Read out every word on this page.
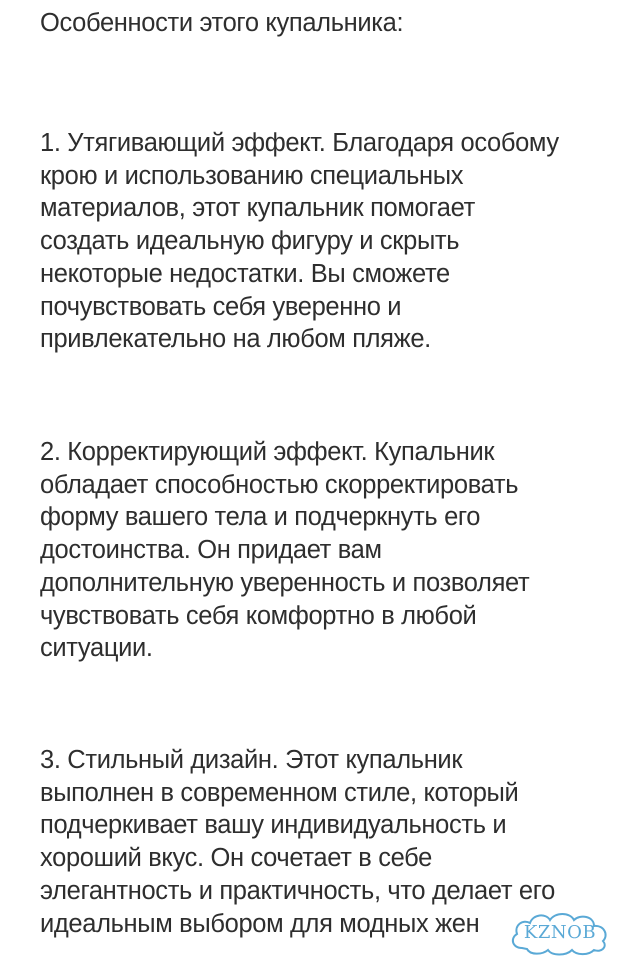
Особенности этого купальника:

1. Утягивающий эффект. Благодаря особому
крою и использованию специальных
материалов, этот купальник помогает
создать идеальную фигуру и скрыть
некоторые недостатки. Вы сможете
почувствовать себя уверенно и
привлекательно на любом пляже.

2. Корректирующий эффект. Купальник
обладает способностью скорректировать
форму вашего тела и подчеркнуть его
достоинства. Он придает вам
дополнительную уверенность и позволяет
чувствовать себя комфортно в любой
ситуации.

3. Стильный дизайн. Этот купальник
выполнен в современном стиле, который
подчеркивает вашу индивидуальность и
хороший вкус. Он сочетает в себе
элегантность и практичность, что делает его
идеальным выбором для модных жен	KZNOB
